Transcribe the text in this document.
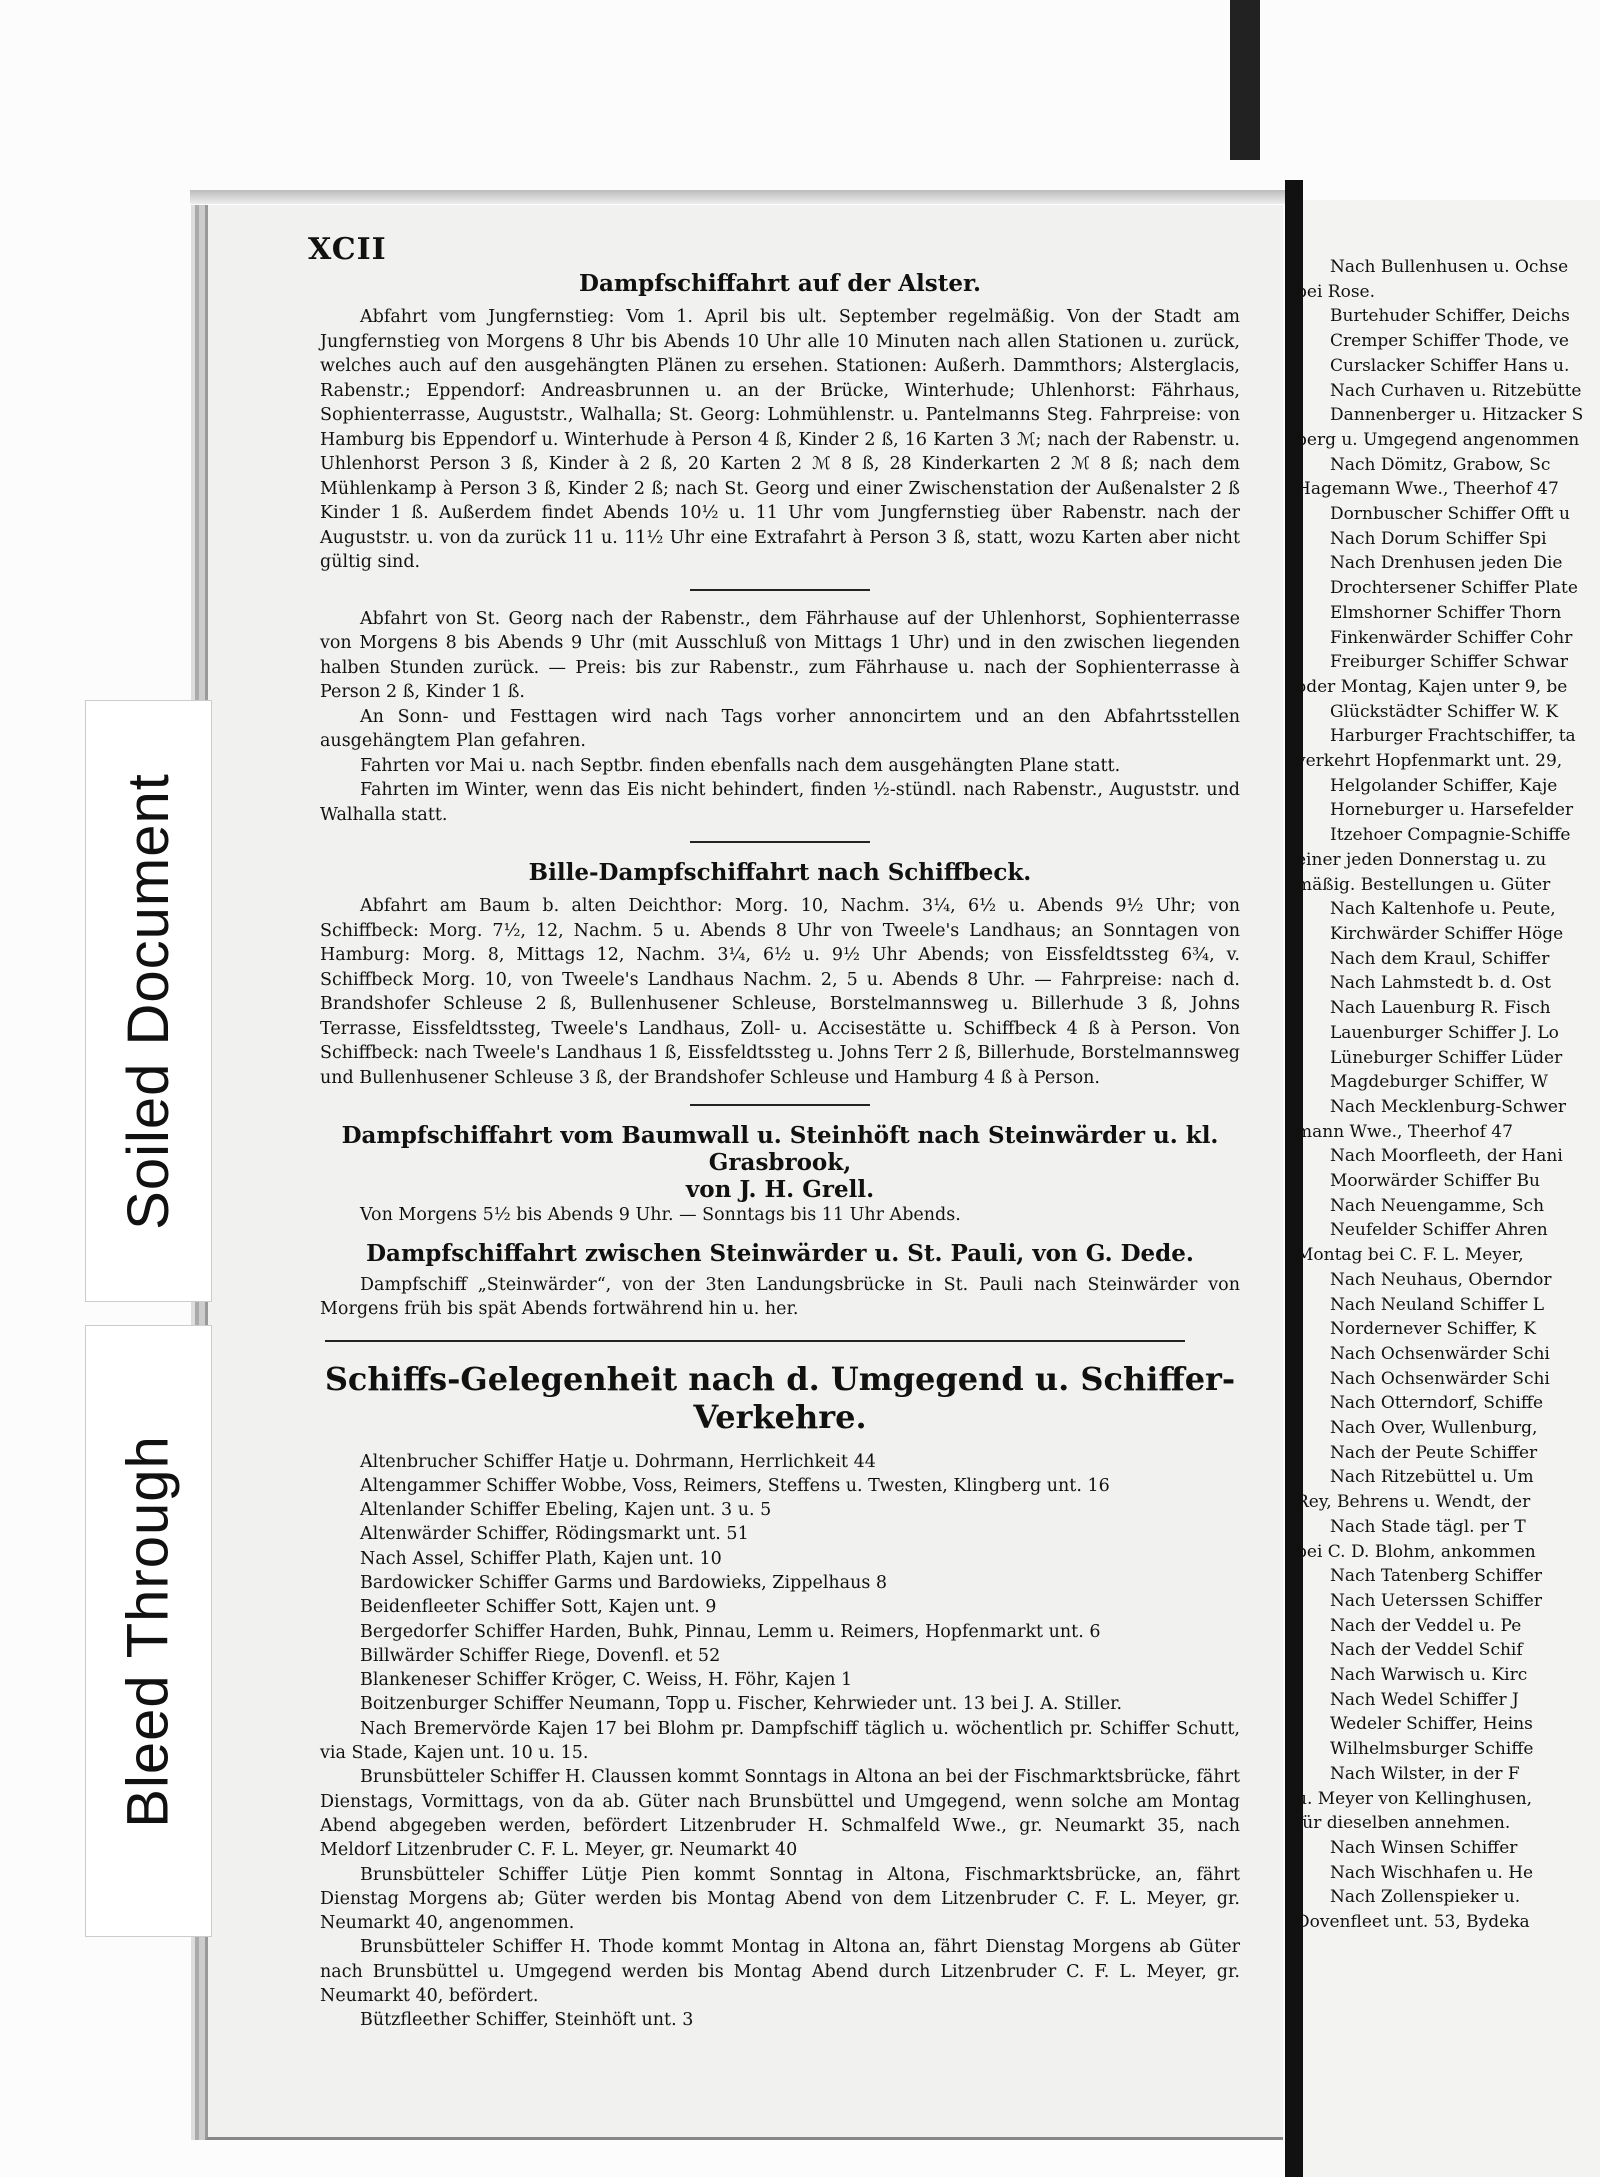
Soiled Document
Bleed Through
XCII
Dampfschiffahrt auf der Alster.

Abfahrt vom Jungfernstieg: Vom 1. April bis ult. September regelmäßig. Von der Stadt am Jungfernstieg von Morgens 8 Uhr bis Abends 10 Uhr alle 10 Minuten nach allen Stationen u. zurück, welches auch auf den ausgehängten Plänen zu ersehen. Stationen: Außerh. Dammthors; Alsterglacis, Rabenstr.; Eppendorf: Andreasbrunnen u. an der Brücke, Winterhude; Uhlenhorst: Fährhaus, Sophienterrasse, Auguststr., Walhalla; St. Georg: Lohmühlenstr. u. Pantelmanns Steg. Fahrpreise: von Hamburg bis Eppendorf u. Winterhude à Person 4 ß, Kinder 2 ß, 16 Karten 3 ℳ; nach der Rabenstr. u. Uhlenhorst Person 3 ß, Kinder à 2 ß, 20 Karten 2 ℳ 8 ß, 28 Kinderkarten 2 ℳ 8 ß; nach dem Mühlenkamp à Person 3 ß, Kinder 2 ß; nach St. Georg und einer Zwischenstation der Außenalster 2 ß Kinder 1 ß. Außerdem findet Abends 10½ u. 11 Uhr vom Jungfernstieg über Rabenstr. nach der Auguststr. u. von da zurück 11 u. 11½ Uhr eine Extrafahrt à Person 3 ß, statt, wozu Karten aber nicht gültig sind.

Abfahrt von St. Georg nach der Rabenstr., dem Fährhause auf der Uhlenhorst, Sophienterrasse von Morgens 8 bis Abends 9 Uhr (mit Ausschluß von Mittags 1 Uhr) und in den zwischen liegenden halben Stunden zurück. — Preis: bis zur Rabenstr., zum Fährhause u. nach der Sophienterrasse à Person 2 ß, Kinder 1 ß.

An Sonn- und Festtagen wird nach Tags vorher annoncirtem und an den Abfahrtsstellen ausgehängtem Plan gefahren.

Fahrten vor Mai u. nach Septbr. finden ebenfalls nach dem ausgehängten Plane statt.

Fahrten im Winter, wenn das Eis nicht behindert, finden ½-stündl. nach Rabenstr., Auguststr. und Walhalla statt.

Bille-Dampfschiffahrt nach Schiffbeck.

Abfahrt am Baum b. alten Deichthor: Morg. 10, Nachm. 3¼, 6½ u. Abends 9½ Uhr; von Schiffbeck: Morg. 7½, 12, Nachm. 5 u. Abends 8 Uhr von Tweele's Landhaus; an Sonntagen von Hamburg: Morg. 8, Mittags 12, Nachm. 3¼, 6½ u. 9½ Uhr Abends; von Eissfeldtssteg 6¾, v. Schiffbeck Morg. 10, von Tweele's Landhaus Nachm. 2, 5 u. Abends 8 Uhr. — Fahrpreise: nach d. Brandshofer Schleuse 2 ß, Bullenhusener Schleuse, Borstelmannsweg u. Billerhude 3 ß, Johns Terrasse, Eissfeldtssteg, Tweele's Landhaus, Zoll- u. Accisestätte u. Schiffbeck 4 ß à Person. Von Schiffbeck: nach Tweele's Landhaus 1 ß, Eissfeldtssteg u. Johns Terr 2 ß, Billerhude, Borstelmannsweg und Bullenhusener Schleuse 3 ß, der Brandshofer Schleuse und Hamburg 4 ß à Person.

Dampfschiffahrt vom Baumwall u. Steinhöft nach Steinwärder u. kl. Grasbrook,
von J. H. Grell.

Von Morgens 5½ bis Abends 9 Uhr. — Sonntags bis 11 Uhr Abends.

Dampfschiffahrt zwischen Steinwärder u. St. Pauli, von G. Dede.

Dampfschiff „Steinwärder“, von der 3ten Landungsbrücke in St. Pauli nach Steinwärder von Morgens früh bis spät Abends fortwährend hin u. her.

Schiffs-Gelegenheit nach d. Umgegend u. Schiffer-Verkehre.

Altenbrucher Schiffer Hatje u. Dohrmann, Herrlichkeit 44

Altengammer Schiffer Wobbe, Voss, Reimers, Steffens u. Twesten, Klingberg unt. 16

Altenlander Schiffer Ebeling, Kajen unt. 3 u. 5

Altenwärder Schiffer, Rödingsmarkt unt. 51

Nach Assel, Schiffer Plath, Kajen unt. 10

Bardowicker Schiffer Garms und Bardowieks, Zippelhaus 8

Beidenfleeter Schiffer Sott, Kajen unt. 9

Bergedorfer Schiffer Harden, Buhk, Pinnau, Lemm u. Reimers, Hopfenmarkt unt. 6

Billwärder Schiffer Riege, Dovenfl. et 52

Blankeneser Schiffer Kröger, C. Weiss, H. Föhr, Kajen 1

Boitzenburger Schiffer Neumann, Topp u. Fischer, Kehrwieder unt. 13 bei J. A. Stiller.

Nach Bremervörde Kajen 17 bei Blohm pr. Dampfschiff täglich u. wöchentlich pr. Schiffer Schutt, via Stade, Kajen unt. 10 u. 15.

Brunsbütteler Schiffer H. Claussen kommt Sonntags in Altona an bei der Fischmarktsbrücke, fährt Dienstags, Vormittags, von da ab. Güter nach Brunsbüttel und Umgegend, wenn solche am Montag Abend abgegeben werden, befördert Litzenbruder H. Schmalfeld Wwe., gr. Neumarkt 35, nach Meldorf Litzenbruder C. F. L. Meyer, gr. Neumarkt 40

Brunsbütteler Schiffer Lütje Pien kommt Sonntag in Altona, Fischmarktsbrücke, an, fährt Dienstag Morgens ab; Güter werden bis Montag Abend von dem Litzenbruder C. F. L. Meyer, gr. Neumarkt 40, angenommen.

Brunsbütteler Schiffer H. Thode kommt Montag in Altona an, fährt Dienstag Morgens ab Güter nach Brunsbüttel u. Umgegend werden bis Montag Abend durch Litzenbruder C. F. L. Meyer, gr. Neumarkt 40, befördert.

Bützfleether Schiffer, Steinhöft unt. 3

Nach Bullenhusen u. Ochse

bei Rose.

Burtehuder Schiffer, Deichs

Cremper Schiffer Thode, ve

Curslacker Schiffer Hans u.

Nach Curhaven u. Ritzebütte

Dannenberger u. Hitzacker S

berg u. Umgegend angenommen

Nach Dömitz, Grabow, Sc

Hagemann Wwe., Theerhof 47

Dornbuscher Schiffer Offt u

Nach Dorum Schiffer Spi

Nach Drenhusen jeden Die

Drochtersener Schiffer Plate

Elmshorner Schiffer Thorn

Finkenwärder Schiffer Cohr

Freiburger Schiffer Schwar

oder Montag, Kajen unter 9, be

Glückstädter Schiffer W. K

Harburger Frachtschiffer, ta

verkehrt Hopfenmarkt unt. 29,

Helgolander Schiffer, Kaje

Horneburger u. Harsefelder

Itzehoer Compagnie-Schiffe

einer jeden Donnerstag u. zu

mäßig. Bestellungen u. Güter

Nach Kaltenhofe u. Peute,

Kirchwärder Schiffer Höge

Nach dem Kraul, Schiffer

Nach Lahmstedt b. d. Ost

Nach Lauenburg R. Fisch

Lauenburger Schiffer J. Lo

Lüneburger Schiffer Lüder

Magdeburger Schiffer, W

Nach Mecklenburg-Schwer

mann Wwe., Theerhof 47

Nach Moorfleeth, der Hani

Moorwärder Schiffer Bu

Nach Neuengamme, Sch

Neufelder Schiffer Ahren

Montag bei C. F. L. Meyer,

Nach Neuhaus, Oberndor

Nach Neuland Schiffer L

Nordernever Schiffer, K

Nach Ochsenwärder Schi

Nach Ochsenwärder Schi

Nach Otterndorf, Schiffe

Nach Over, Wullenburg,

Nach der Peute Schiffer

Nach Ritzebüttel u. Um

Rey, Behrens u. Wendt, der

Nach Stade tägl. per T

bei C. D. Blohm, ankommen

Nach Tatenberg Schiffer

Nach Ueterssen Schiffer

Nach der Veddel u. Pe

Nach der Veddel Schif

Nach Warwisch u. Kirc

Nach Wedel Schiffer J

Wedeler Schiffer, Heins

Wilhelmsburger Schiffe

Nach Wilster, in der F

u. Meyer von Kellinghusen,

für dieselben annehmen.

Nach Winsen Schiffer

Nach Wischhafen u. He

Nach Zollenspieker u.

Dovenfleet unt. 53, Bydeka
